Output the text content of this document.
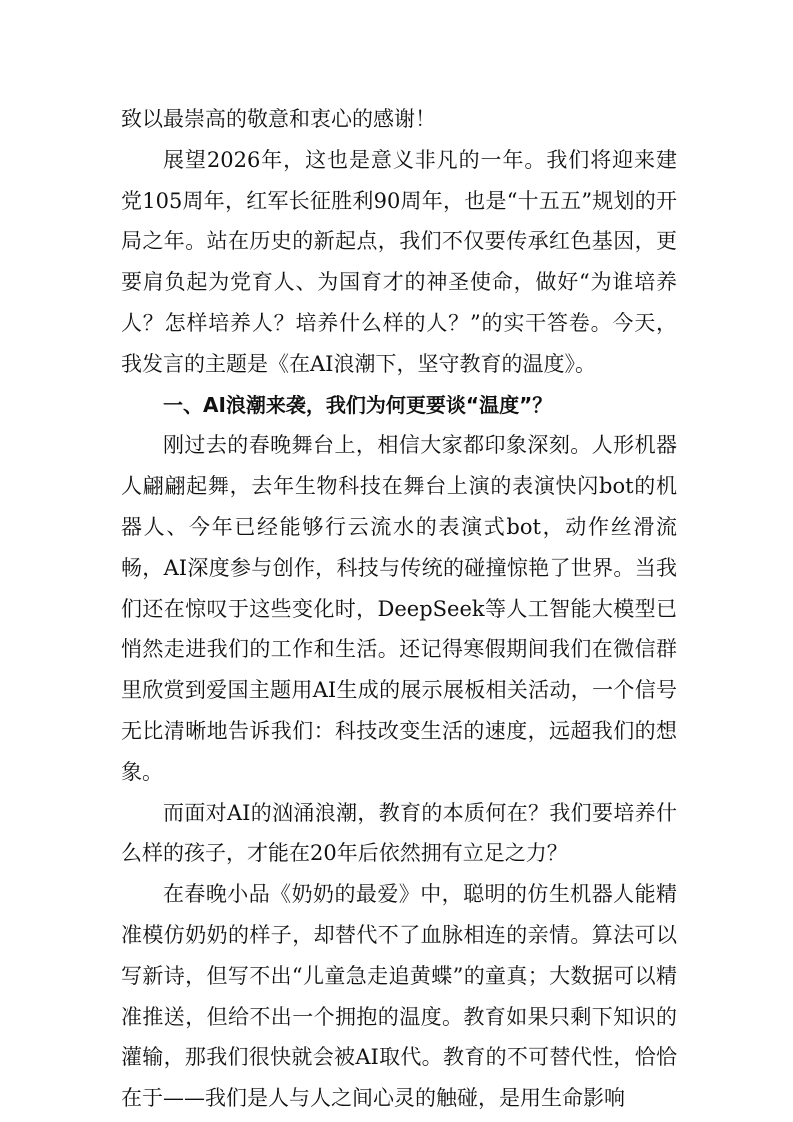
致以最崇高的敬意和衷心的感谢！

展望2026年，这也是意义非凡的一年。我们将迎来建党105周年，红军长征胜利90周年，也是“十五五”规划的开局之年。站在历史的新起点，我们不仅要传承红色基因，更要肩负起为党育人、为国育才的神圣使命，做好“为谁培养人？怎样培养人？培养什么样的人？”的实干答卷。今天，我发言的主题是《在AI浪潮下，坚守教育的温度》。

一、AI浪潮来袭，我们为何更要谈“温度”？

刚过去的春晚舞台上，相信大家都印象深刻。人形机器人翩翩起舞，去年生物科技在舞台上演的表演快闪bot的机器人、今年已经能够行云流水的表演式bot，动作丝滑流畅，AI深度参与创作，科技与传统的碰撞惊艳了世界。当我们还在惊叹于这些变化时，DeepSeek等人工智能大模型已悄然走进我们的工作和生活。还记得寒假期间我们在微信群里欣赏到爱国主题用AI生成的展示展板相关活动，一个信号无比清晰地告诉我们：科技改变生活的速度，远超我们的想象。

而面对AI的汹涌浪潮，教育的本质何在？我们要培养什么样的孩子，才能在20年后依然拥有立足之力？

在春晚小品《奶奶的最爱》中，聪明的仿生机器人能精准模仿奶奶的样子，却替代不了血脉相连的亲情。算法可以写新诗，但写不出“儿童急走追黄蝶”的童真；大数据可以精准推送，但给不出一个拥抱的温度。教育如果只剩下知识的灌输，那我们很快就会被AI取代。教育的不可替代性，恰恰在于——我们是人与人之间心灵的触碰，是用生命影响
